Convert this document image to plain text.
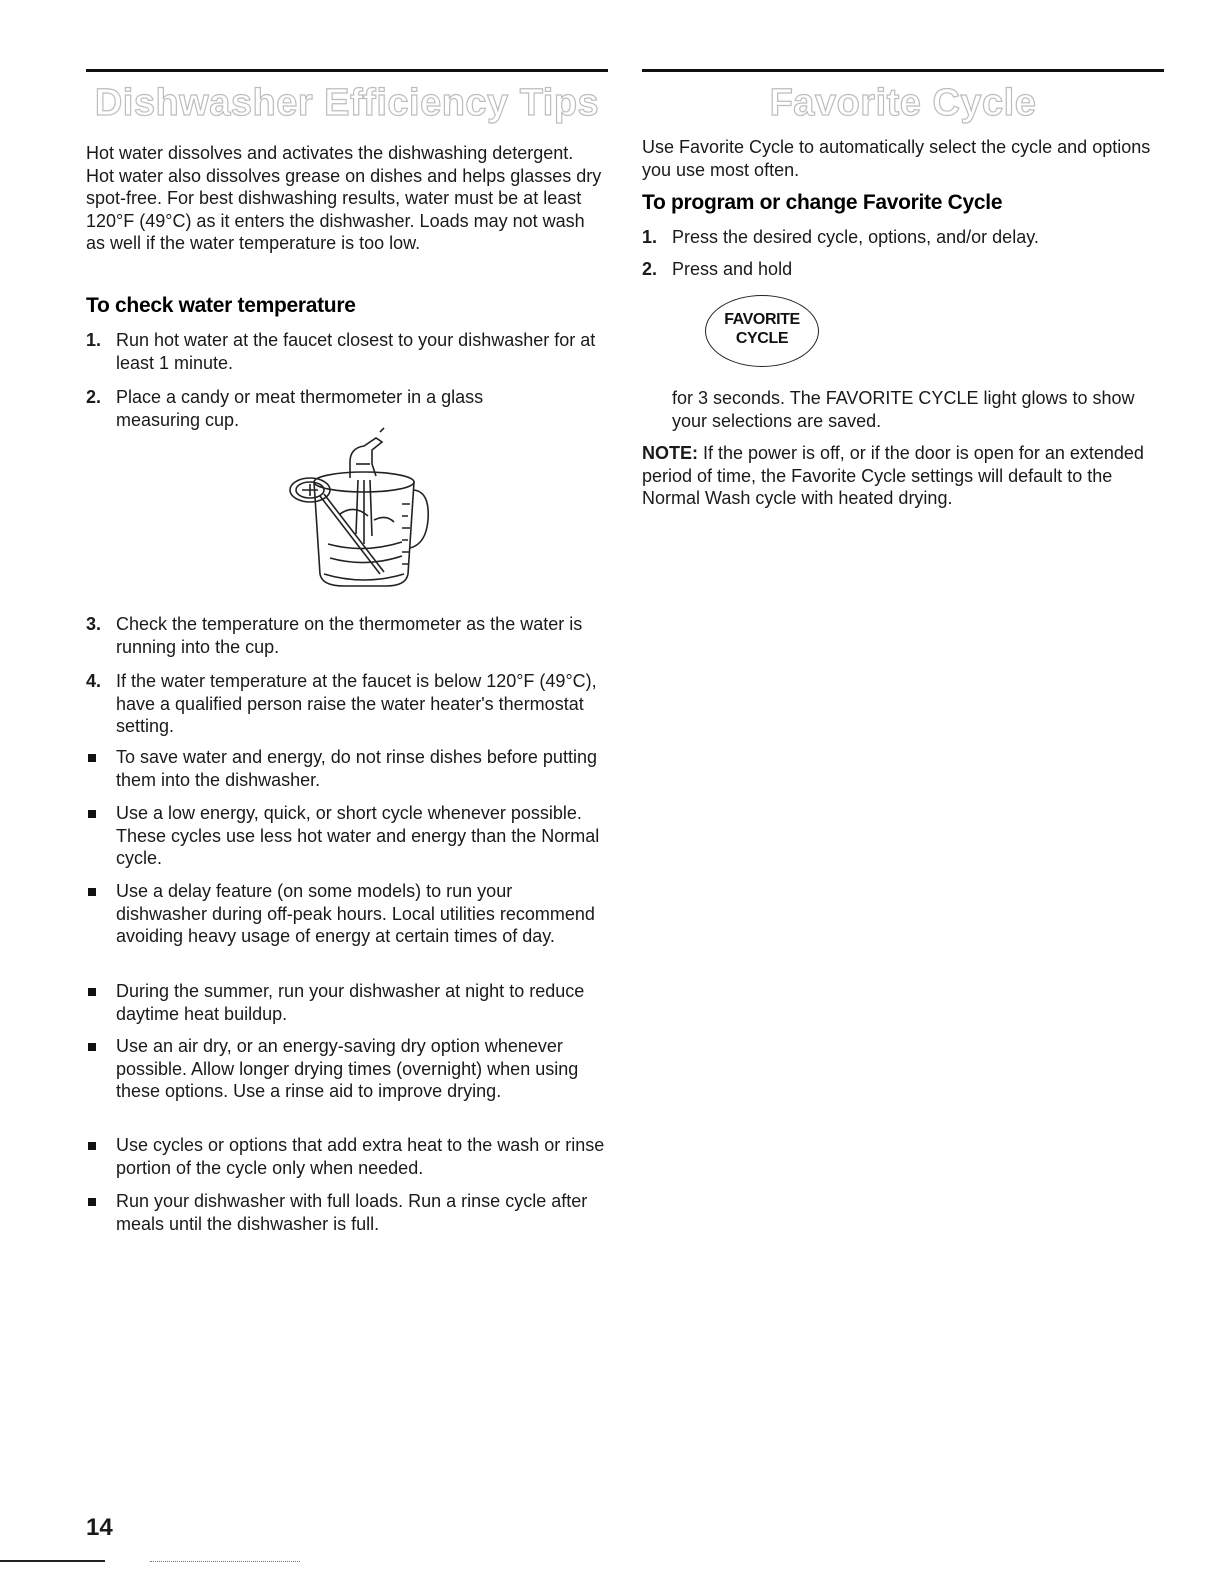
Dishwasher Efficiency Tips
Hot water dissolves and activates the dishwashing detergent. Hot water also dissolves grease on dishes and helps glasses dry spot-free. For best dishwashing results, water must be at least 120°F (49°C) as it enters the dishwasher. Loads may not wash as well if the water temperature is too low.
To check water temperature
1. Run hot water at the faucet closest to your dishwasher for at least 1 minute.
2. Place a candy or meat thermometer in a glass measuring cup.
3. Check the temperature on the thermometer as the water is running into the cup.
4. If the water temperature at the faucet is below 120°F (49°C), have a qualified person raise the water heater's thermostat setting.
To save water and energy, do not rinse dishes before putting them into the dishwasher.
Use a low energy, quick, or short cycle whenever possible. These cycles use less hot water and energy than the Normal cycle.
Use a delay feature (on some models) to run your dishwasher during off-peak hours. Local utilities recommend avoiding heavy usage of energy at certain times of day.
During the summer, run your dishwasher at night to reduce daytime heat buildup.
Use an air dry, or an energy-saving dry option whenever possible. Allow longer drying times (overnight) when using these options. Use a rinse aid to improve drying.
Use cycles or options that add extra heat to the wash or rinse portion of the cycle only when needed.
Run your dishwasher with full loads. Run a rinse cycle after meals until the dishwasher is full.
Favorite Cycle
Use Favorite Cycle to automatically select the cycle and options you use most often.
To program or change Favorite Cycle
1. Press the desired cycle, options, and/or delay.
2. Press and hold
FAVORITE
CYCLE
for 3 seconds. The FAVORITE CYCLE light glows to show your selections are saved.
NOTE: If the power is off, or if the door is open for an extended period of time, the Favorite Cycle settings will default to the Normal Wash cycle with heated drying.
14
